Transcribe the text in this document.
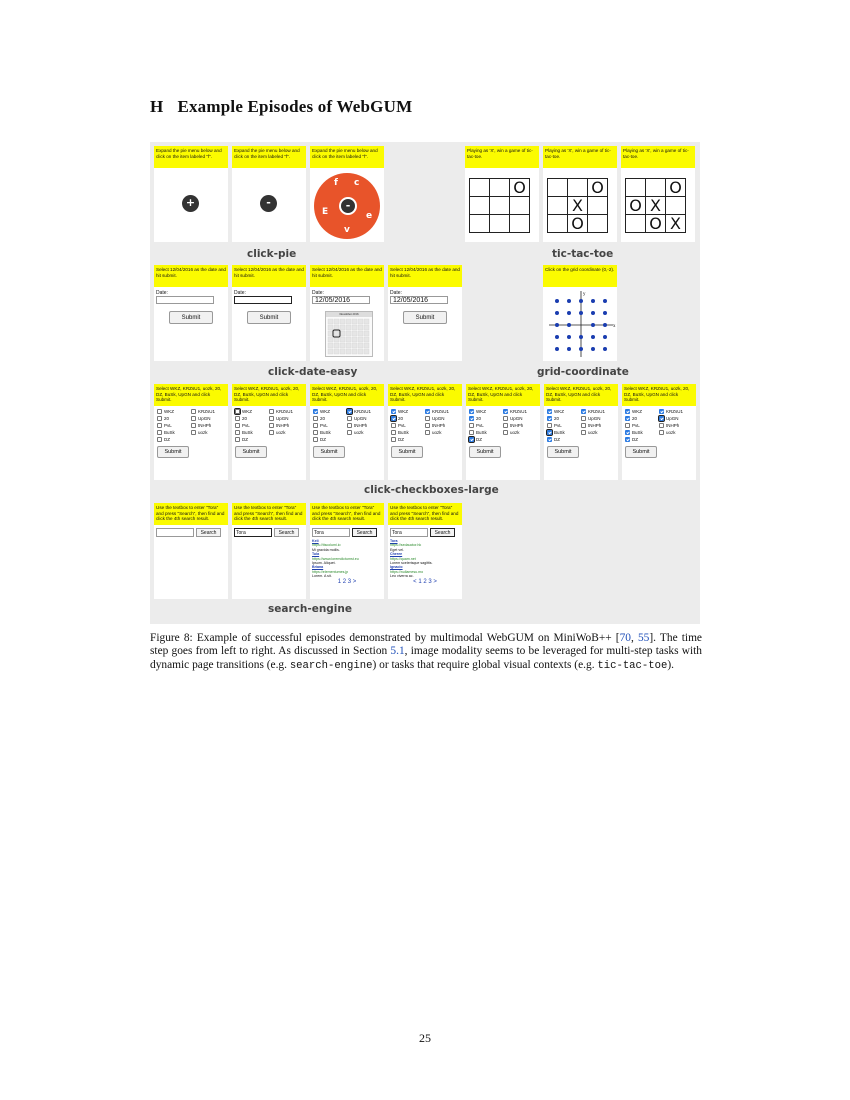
H Example Episodes of WebGUM
Expand the pie menu below and click on the item labeled "f".
+
Expand the pie menu below and click on the item labeled "f".
-
Expand the pie menu below and click on the item labeled "f".
f c
E	e
v
-
click-pie
Playing as 'X', win a game of tic-tac-toe.
		O

Playing as 'X', win a game of tic-tac-toe.
		O
	X	
	O	
Playing as 'X', win a game of tic-tac-toe.
		O
O	X	
	O	X
tic-tac-toe
Select 12/04/2016 as the date and hit submit.
Date:
Submit
Select 12/04/2016 as the date and hit submit.
Date:
Submit
Select 12/04/2016 as the date and hit submit.
Date: 12/05/2016
December 2016
Select 12/04/2016 as the date and hit submit.
Date: 12/05/2016
Submit
click-date-easy
Click on the grid coordinate (0,-2).
x
y
grid-coordinate
Select WKZ, KRZsU1, uozk, 20, DZ, BuSk, UpGN and click Submit.
WKZ	KRZsU1
20	UpGN
PvL	tNHPh
BuSk	uozk
DZ
Submit
Select WKZ, KRZsU1, uozk, 20, DZ, BuSk, UpGN and click Submit.
WKZ	KRZsU1
20	UpGN
PvL	tNHPh
BuSk	uozk
DZ
Submit
Select WKZ, KRZsU1, uozk, 20, DZ, BuSk, UpGN and click Submit.
WKZ	KRZsU1
20	UpGN
PvL	tNHPh
BuSk	uozk
DZ
Submit
Select WKZ, KRZsU1, uozk, 20, DZ, BuSk, UpGN and click Submit.
WKZ	KRZsU1
20	UpGN
PvL	tNHPh
BuSk	uozk
DZ
Submit
Select WKZ, KRZsU1, uozk, 20, DZ, BuSk, UpGN and click Submit.
WKZ	KRZsU1
20	UpGN
PvL	tNHPh
BuSk	uozk
DZ
Submit
Select WKZ, KRZsU1, uozk, 20, DZ, BuSk, UpGN and click Submit.
WKZ	KRZsU1
20	UpGN
PvL	tNHPh
BuSk	uozk
DZ
Submit
Select WKZ, KRZsU1, uozk, 20, DZ, BuSk, UpGN and click Submit.
WKZ	KRZsU1
20	UpGN
PvL	tNHPh
BuSk	uozk
DZ
Submit
click-checkboxes-large
Use the textbox to enter "Tora" and press "Search", then find and click the 4th search result.
Search
Use the textbox to enter "Tora" and press "Search", then find and click the 4th search result.
Tora	Search
Use the textbox to enter "Tora" and press "Search", then find and click the 4th search result.
Tora	Search
Keli
https://tiscolumi.io
Mi gravida mollis.
Tula
https://www.loremdictumst.eu
Ipsum. Aliquet.
Briana
https://elementumes.jp
Lorem. A sit.
1 2 3 >
Use the textbox to enter "Tora" and press "Search", then find and click the 4th search result.
Tora	Search
Tora
https://sedauctor.hk
Eget vel.
Cheree
https://quam.net
Lorem scelerisque sagittis.
Ignacio
https://nullamesu.mo
Leo viverra ac.
< 1 2 3 >
search-engine
Figure 8: Example of successful episodes demonstrated by multimodal WebGUM on MiniWoB++ [70, 55]. The time step goes from left to right. As discussed in Section 5.1, image modality seems to be leveraged for multi-step tasks with dynamic page transitions (e.g. search-engine) or tasks that require global visual contexts (e.g. tic-tac-toe).
25
